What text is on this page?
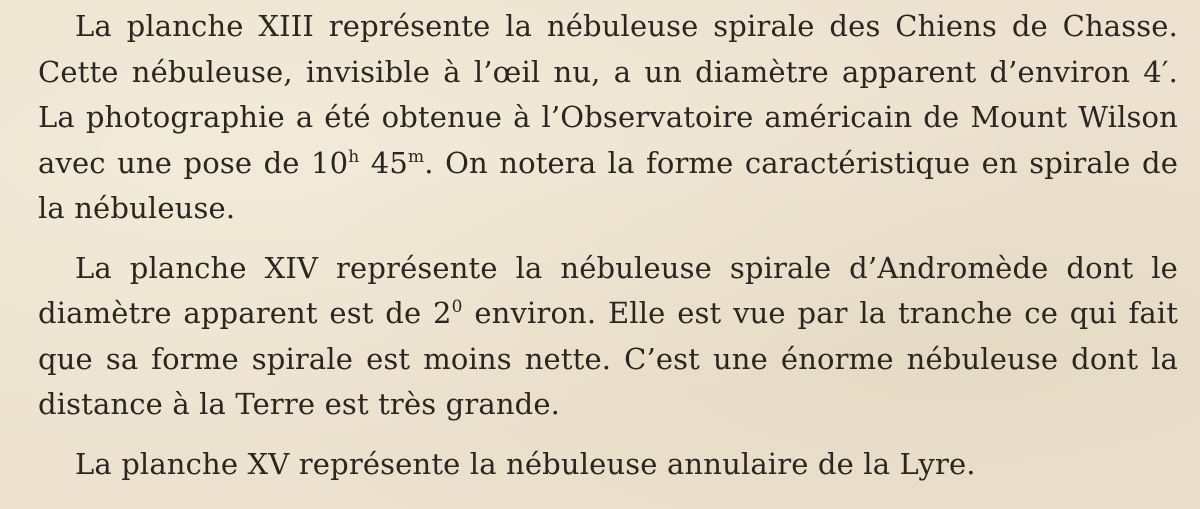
La planche XIII représente la nébuleuse spirale des Chiens de Chasse. Cette nébuleuse, invisible à l’œil nu, a un diamètre apparent d’environ 4′. La photographie a été obtenue à l’Observatoire américain de Mount Wilson avec une pose de 10$^h$ 45$^m$. On notera la forme caractéristique en spirale de la nébuleuse.

La planche XIV représente la nébuleuse spirale d’Andromède dont le diamètre apparent est de $2^0$ environ. Elle est vue par la tranche ce qui fait que sa forme spirale est moins nette. C’est une énorme nébuleuse dont la distance à la Terre est très grande.

La planche XV représente la nébuleuse annulaire de la Lyre.
